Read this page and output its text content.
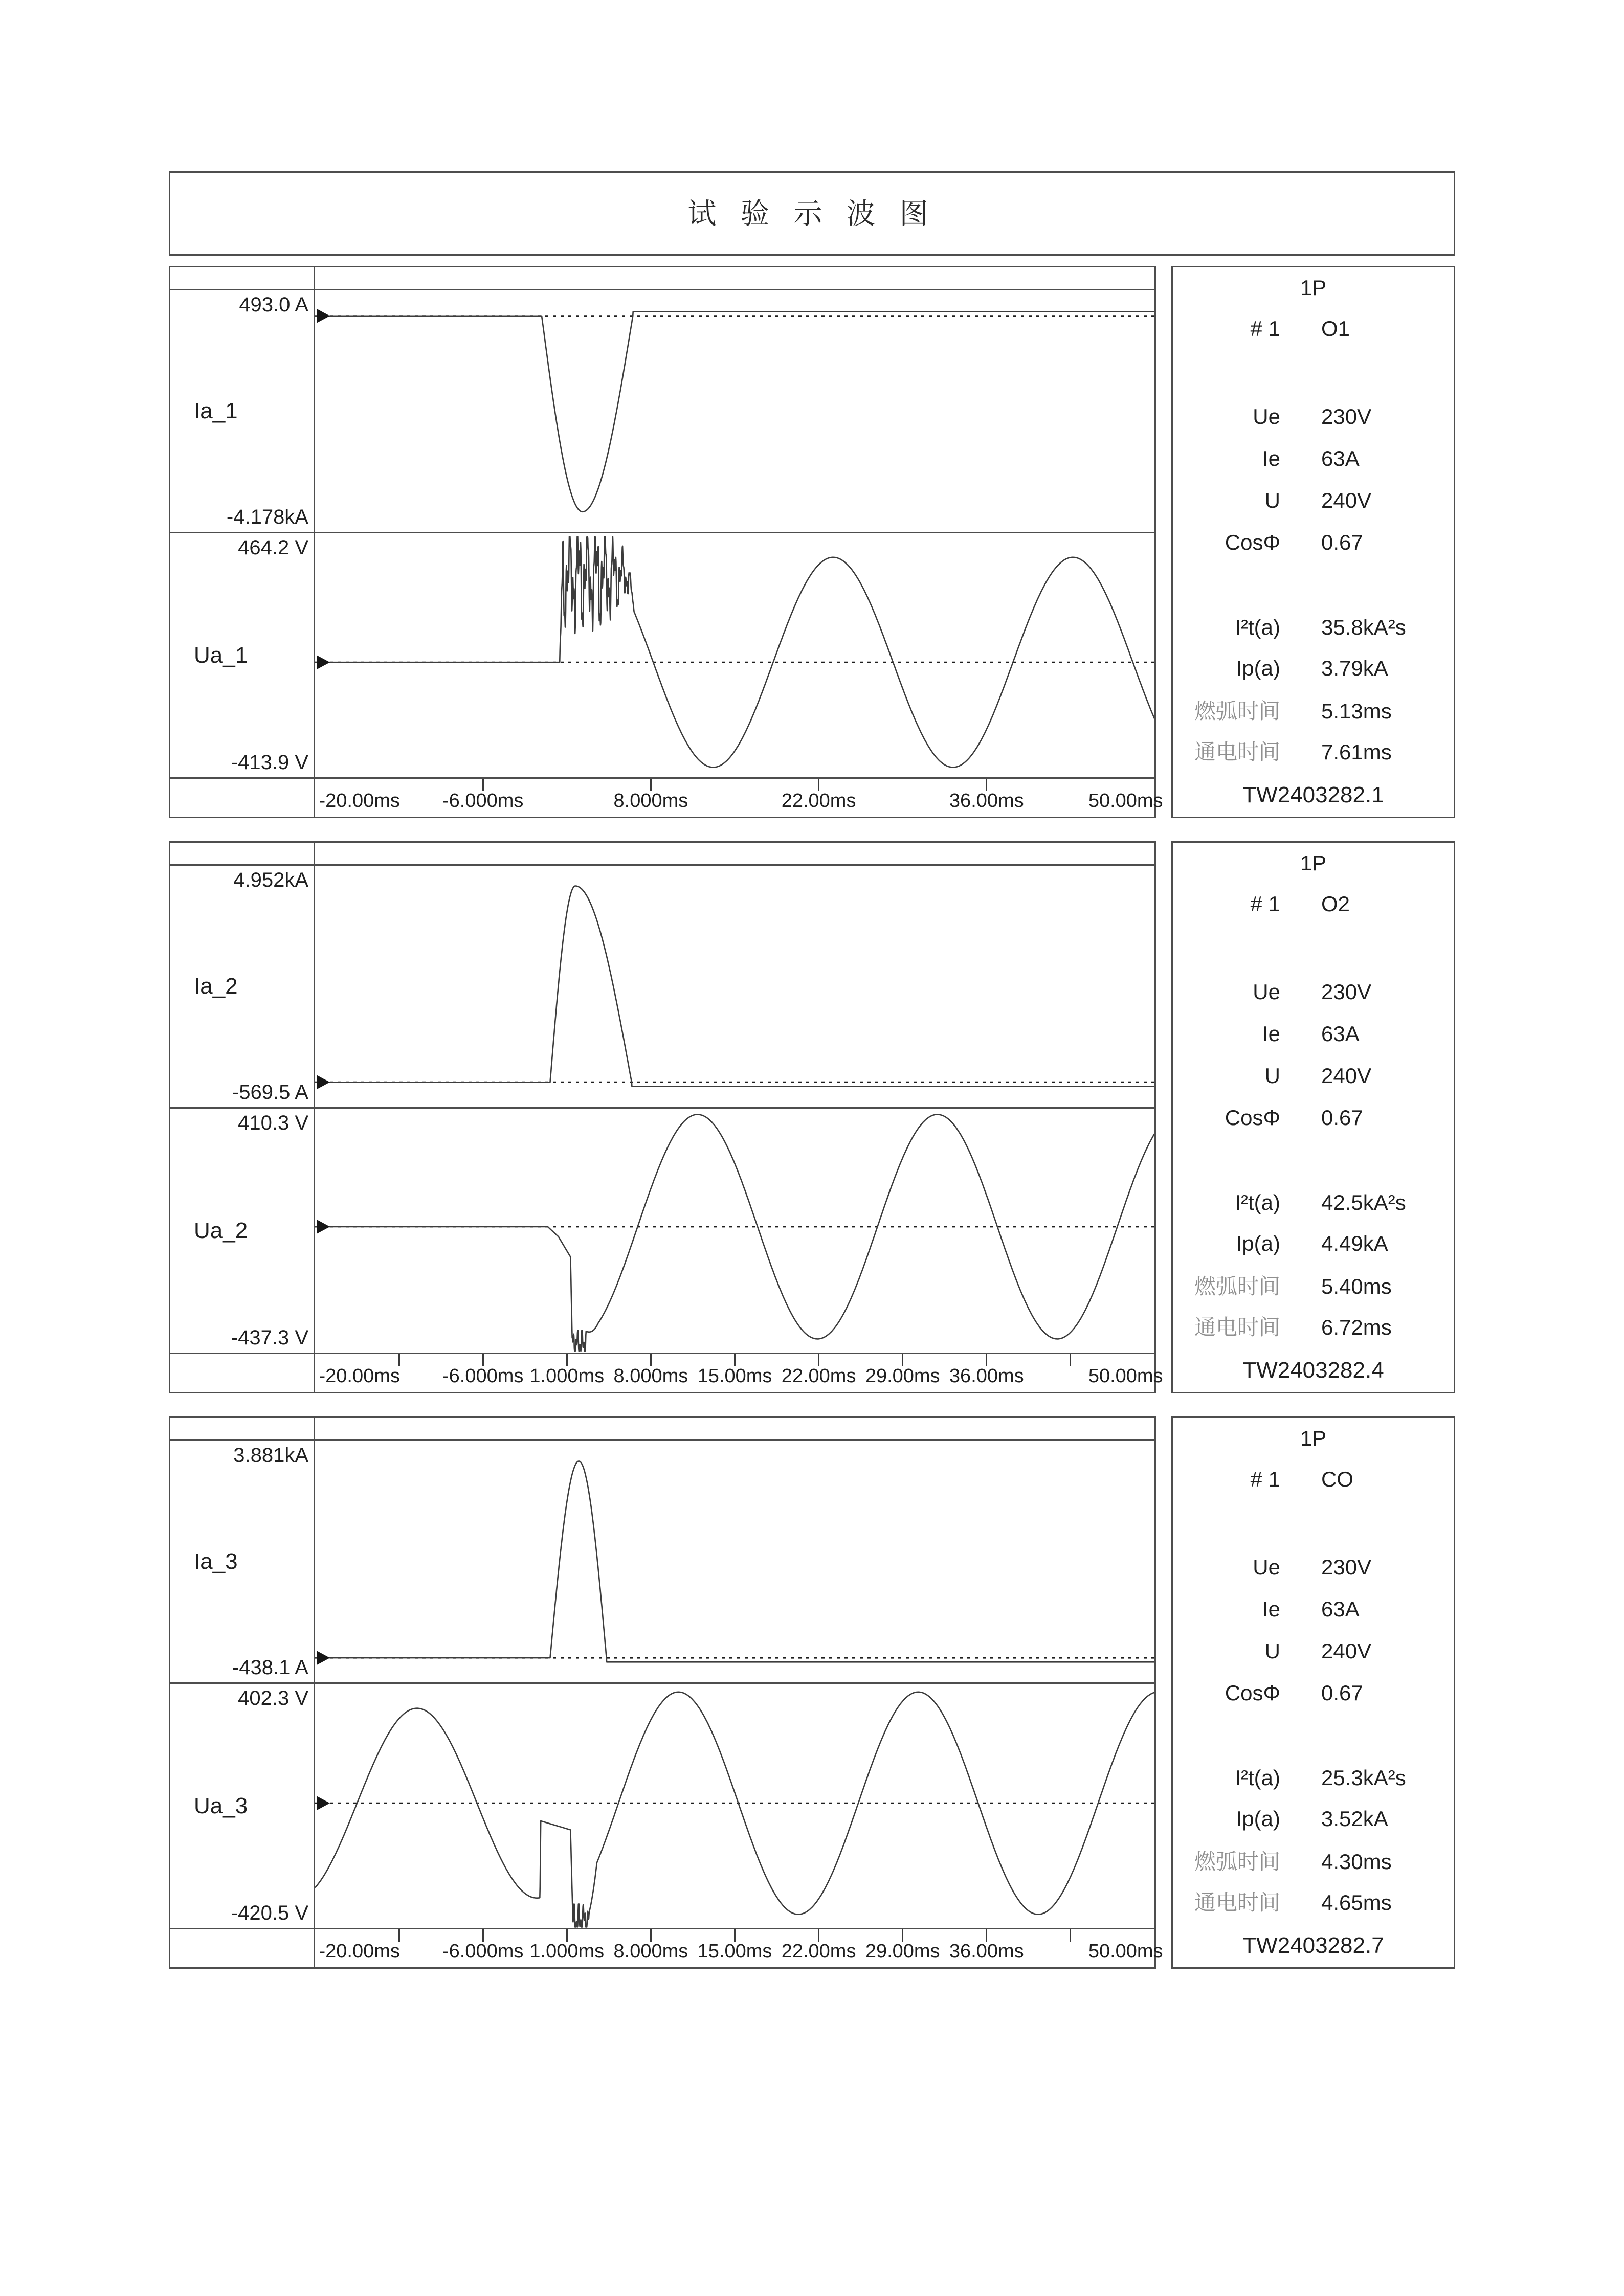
试 验 示 波 图
493.0 A
Ia_1
-4.178kA
464.2 V
Ua_1
-413.9 V
-20.00ms	-6.000ms	8.000ms	22.00ms	36.00ms	50.00ms
1P
# 1 O1
Ue 230V
Ie 63A
U 240V
CosΦ 0.67
I²t(a) 35.8kA²s
Ip(a) 3.79kA
燃弧时间 5.13ms
通电时间 7.61ms
TW2403282.1
4.952kA
Ia_2
-569.5 A
410.3 V
Ua_2
-437.3 V
-20.00ms	-6.000ms 1.000ms 8.000ms 15.00ms 22.00ms 29.00ms 36.00ms	50.00ms
1P
# 1 O2
Ue 230V
Ie 63A
U 240V
CosΦ 0.67
I²t(a) 42.5kA²s
Ip(a) 4.49kA
燃弧时间 5.40ms
通电时间 6.72ms
TW2403282.4
3.881kA
Ia_3
-438.1 A
402.3 V
Ua_3
-420.5 V
-20.00ms	-6.000ms 1.000ms 8.000ms 15.00ms 22.00ms 29.00ms 36.00ms	50.00ms
1P
# 1 CO
Ue 230V
Ie 63A
U 240V
CosΦ 0.67
I²t(a) 25.3kA²s
Ip(a) 3.52kA
燃弧时间 4.30ms
通电时间 4.65ms
TW2403282.7
